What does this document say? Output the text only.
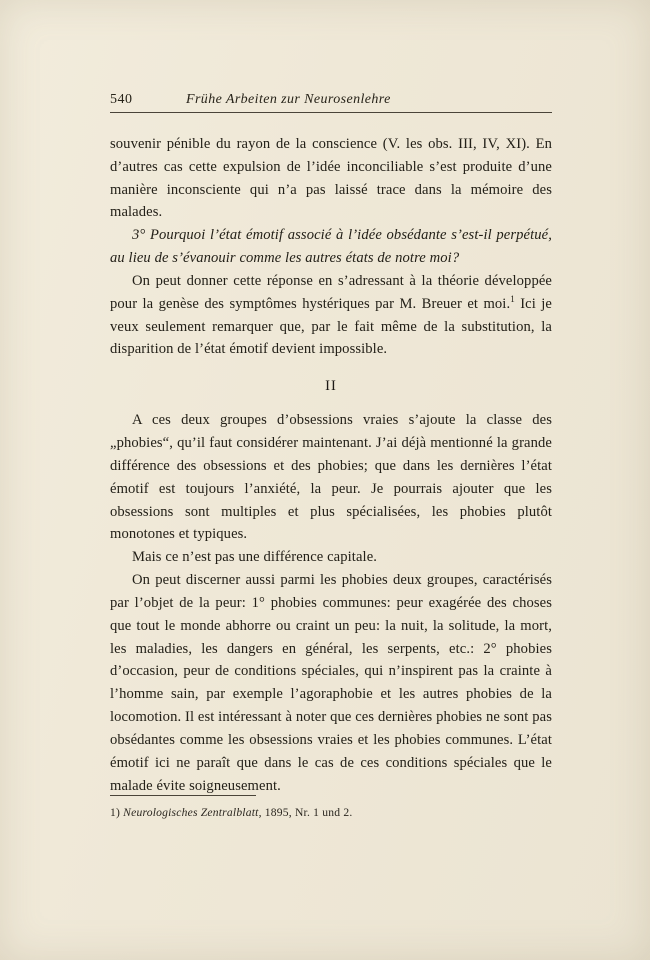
540	Frühe Arbeiten zur Neurosenlehre

souvenir pénible du rayon de la conscience (V. les obs. III, IV, XI). En d’autres cas cette expulsion de l’idée inconciliable s’est produite d’une manière inconsciente qui n’a pas laissé trace dans la mémoire des malades.

3° Pourquoi l’état émotif associé à l’idée obsédante s’est-il perpétué, au lieu de s’évanouir comme les autres états de notre moi?

On peut donner cette réponse en s’adressant à la théorie développée pour la genèse des symptômes hystériques par M. Breuer et moi.$^1$ Ici je veux seulement remarquer que, par le fait même de la substitution, la disparition de l’état émotif devient impossible.

II

A ces deux groupes d’obsessions vraies s’ajoute la classe des „phobies“, qu’il faut considérer maintenant. J’ai déjà mentionné la grande différence des obsessions et des phobies; que dans les dernières l’état émotif est toujours l’anxiété, la peur. Je pourrais ajouter que les obsessions sont multiples et plus spécialisées, les phobies plutôt monotones et typiques.

Mais ce n’est pas une différence capitale.

On peut discerner aussi parmi les phobies deux groupes, caractérisés par l’objet de la peur: 1° phobies communes: peur exagérée des choses que tout le monde abhorre ou craint un peu: la nuit, la solitude, la mort, les maladies, les dangers en général, les serpents, etc.: 2° phobies d’occasion, peur de conditions spéciales, qui n’inspirent pas la crainte à l’homme sain, par exemple l’agoraphobie et les autres phobies de la locomotion. Il est intéressant à noter que ces dernières phobies ne sont pas obsédantes comme les obsessions vraies et les phobies communes. L’état émotif ici ne paraît que dans le cas de ces conditions spéciales que le malade évite soigneusement.

1) Neurologisches Zentralblatt, 1895, Nr. 1 und 2.
